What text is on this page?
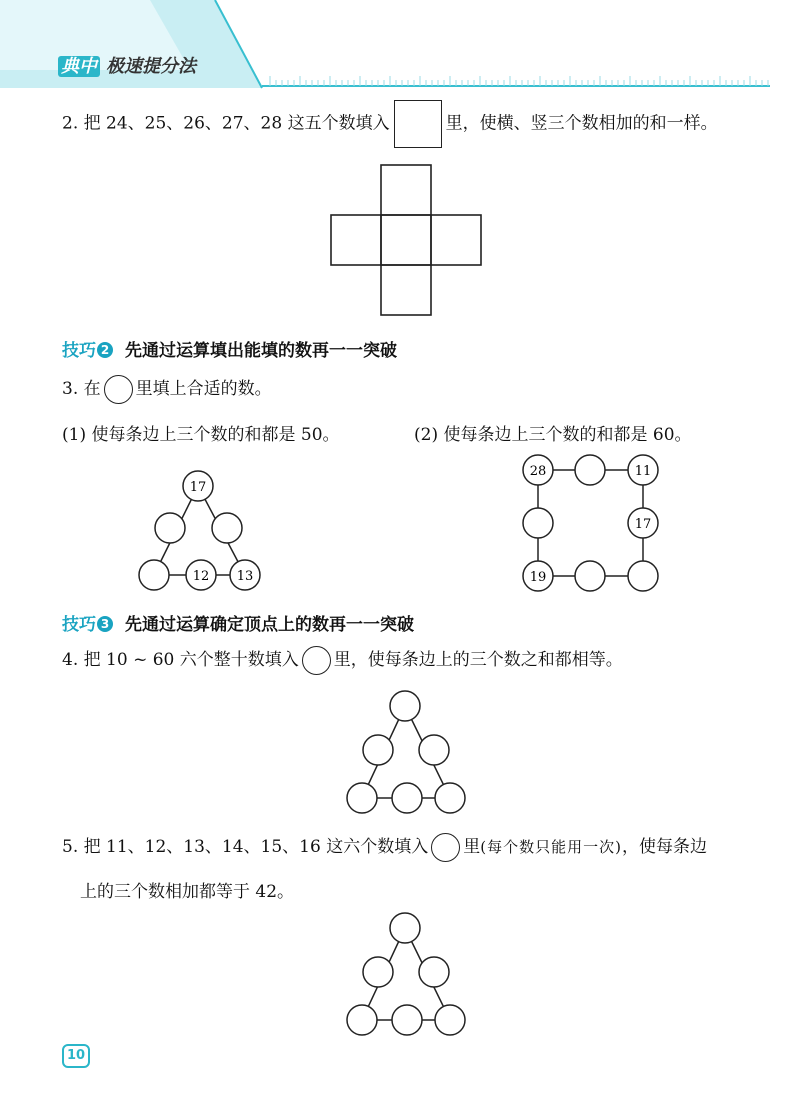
典中 极速提分法
2. 把 24、25、26、27、28 这五个数填入	里，使横、竖三个数相加的和一样。
技巧 2 先通过运算填出能填的数再一一突破
3. 在 里填上合适的数。
(1) 使每条边上三个数的和都是 50。	(2) 使每条边上三个数的和都是 60。
17
12 13
28	11
17
19
技巧 3 先通过运算确定顶点上的数再一一突破
4. 把 10 ~ 60 六个整十数填入 里，使每条边上的三个数之和都相等。
5. 把 11、12、13、14、15、16 这六个数填入 里(每个数只能用一次)，使每条边
上的三个数相加都等于 42。
10
